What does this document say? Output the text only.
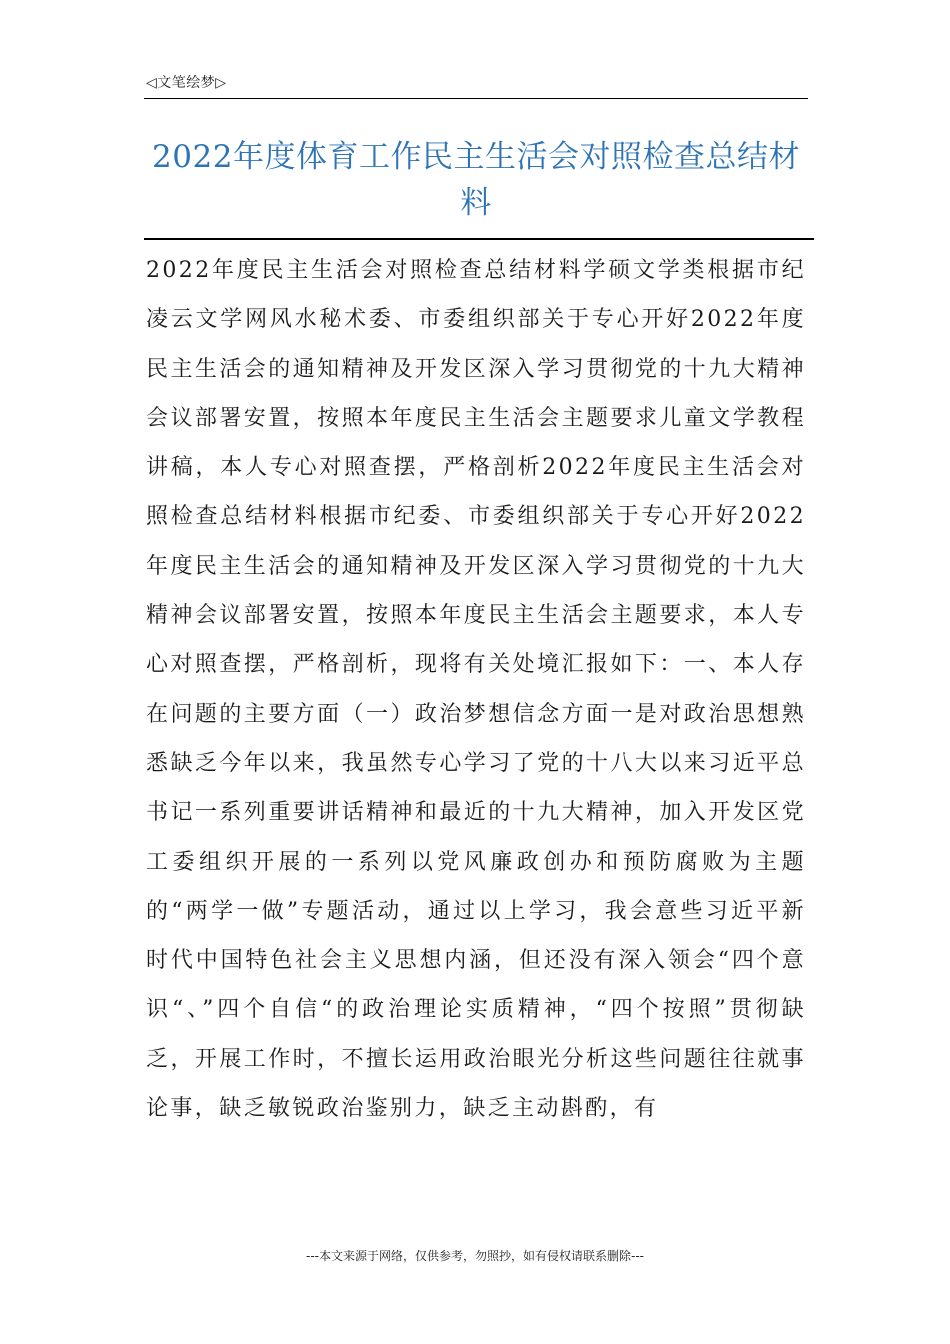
◁文笔绘梦▷
2022年度体育工作民主生活会对照检查总结材料

2022年度民主生活会对照检查总结材料学硕文学类根据市纪凌云文学网风水秘术委、市委组织部关于专心开好2022年度民主生活会的通知精神及开发区深入学习贯彻党的十九大精神会议部署安置，按照本年度民主生活会主题要求儿童文学教程讲稿，本人专心对照查摆，严格剖析2022年度民主生活会对照检查总结材料根据市纪委、市委组织部关于专心开好2022年度民主生活会的通知精神及开发区深入学习贯彻党的十九大精神会议部署安置，按照本年度民主生活会主题要求，本人专心对照查摆，严格剖析，现将有关处境汇报如下：一、本人存在问题的主要方面（一）政治梦想信念方面一是对政治思想熟悉缺乏今年以来，我虽然专心学习了党的十八大以来习近平总书记一系列重要讲话精神和最近的十九大精神，加入开发区党工委组织开展的一系列以党风廉政创办和预防腐败为主题的“两学一做”专题活动，通过以上学习，我会意些习近平新时代中国特色社会主义思想内涵，但还没有深入领会“四个意识“、”四个自信“的政治理论实质精神，“四个按照”贯彻缺乏，开展工作时，不擅长运用政治眼光分析这些问题往往就事论事，缺乏敏锐政治鉴别力，缺乏主动斟酌，有

---本文来源于网络，仅供参考，勿照抄，如有侵权请联系删除---
